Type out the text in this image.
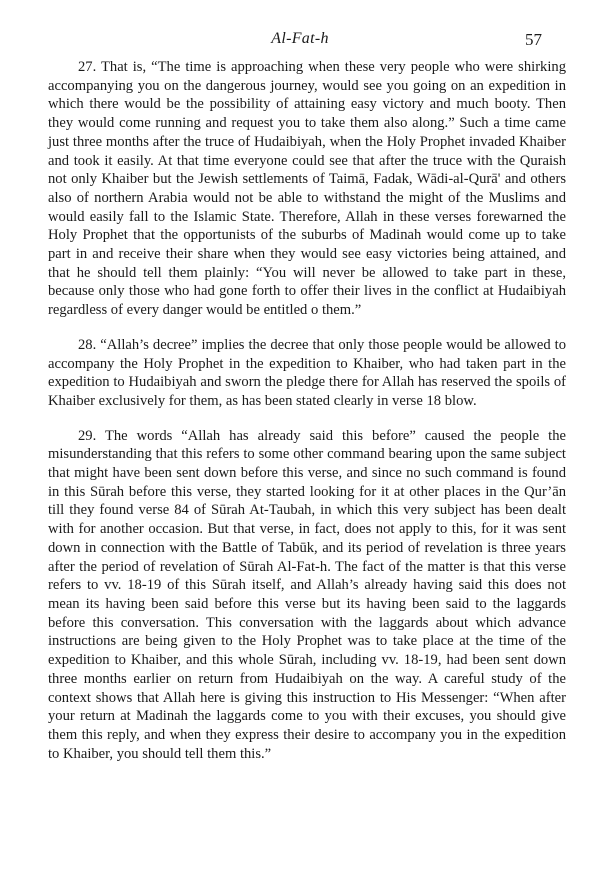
Al-Fat-h	57

27. That is, “The time is approaching when these very people who were shirking accompanying you on the dangerous journey, would see you going on an expedition in which there would be the possibility of attaining easy victory and much booty. Then they would come running and request you to take them also along.” Such a time came just three months after the truce of Hudaibiyah, when the Holy Prophet invaded Khaiber and took it easily. At that time everyone could see that after the truce with the Quraish not only Khaiber but the Jewish settlements of Taimā, Fadak, Wādi-al-Qurā' and others also of northern Arabia would not be able to withstand the might of the Muslims and would easily fall to the Islamic State. Therefore, Allah in these verses forewarned the Holy Prophet that the opportunists of the suburbs of Madinah would come up to take part in and receive their share when they would see easy victories being attained, and that he should tell them plainly: “You will never be allowed to take part in these, because only those who had gone forth to offer their lives in the conflict at Hudaibiyah regardless of every danger would be entitled o them.”

28. “Allah’s decree” implies the decree that only those people would be allowed to accompany the Holy Prophet in the expedition to Khaiber, who had taken part in the expedition to Hudaibiyah and sworn the pledge there for Allah has reserved the spoils of Khaiber exclusively for them, as has been stated clearly in verse 18 blow.

29. The words “Allah has already said this before” caused the people the misunderstanding that this refers to some other command bearing upon the same subject that might have been sent down before this verse, and since no such command is found in this Sūrah before this verse, they started looking for it at other places in the Qur’ān till they found verse 84 of Sūrah At-Taubah, in which this very subject has been dealt with for another occasion. But that verse, in fact, does not apply to this, for it was sent down in connection with the Battle of Tabūk, and its period of revelation is three years after the period of revelation of Sūrah Al-Fat-h. The fact of the matter is that this verse refers to vv. 18-19 of this Sūrah itself, and Allah’s already having said this does not mean its having been said before this verse but its having been said to the laggards before this conversation. This conversation with the laggards about which advance instructions are being given to the Holy Prophet was to take place at the time of the expedition to Khaiber, and this whole Sūrah, including vv. 18-19, had been sent down three months earlier on return from Hudaibiyah on the way. A careful study of the context shows that Allah here is giving this instruction to His Messenger: “When after your return at Madinah the laggards come to you with their excuses, you should give them this reply, and when they express their desire to accompany you in the expedition to Khaiber, you should tell them this.”
